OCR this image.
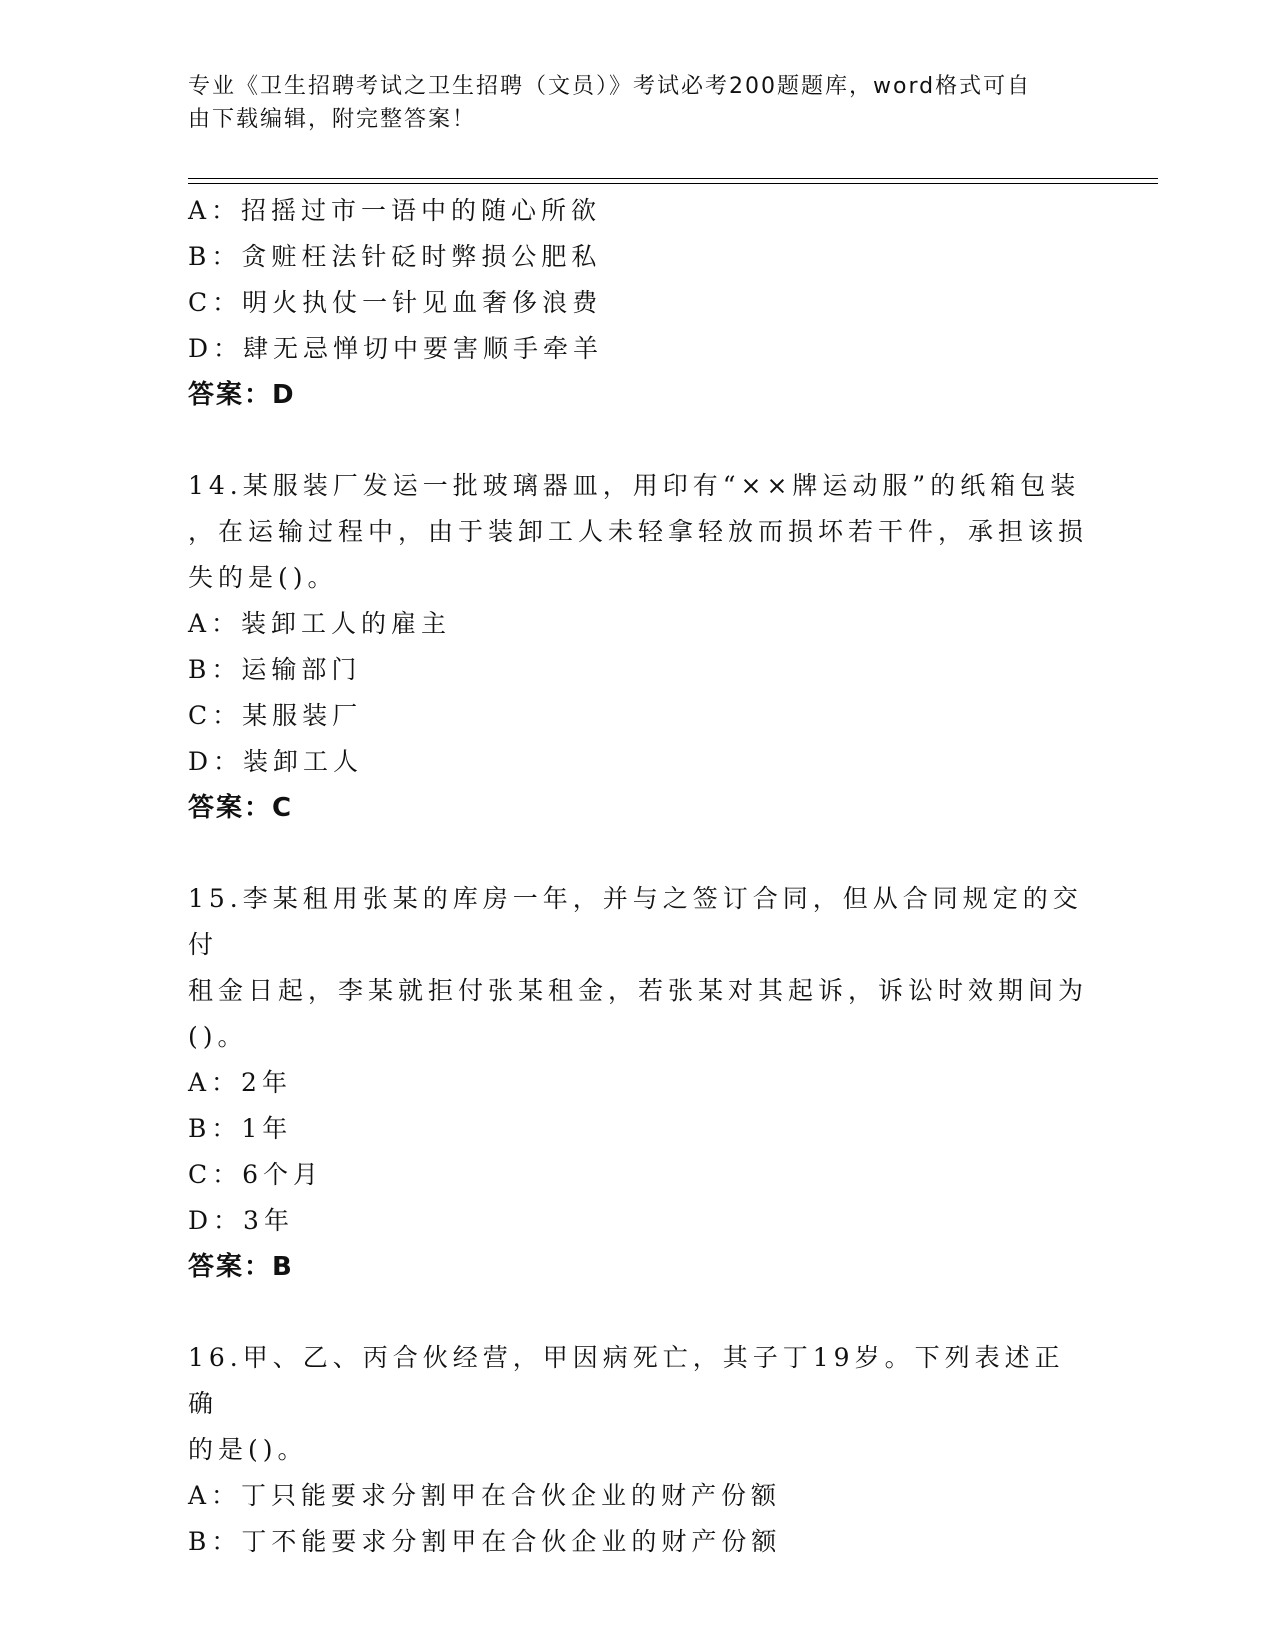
专业《卫生招聘考试之卫生招聘（文员）》考试必考200题题库，word格式可自
由下载编辑，附完整答案！
A：招摇过市一语中的随心所欲
B：贪赃枉法针砭时弊损公肥私
C：明火执仗一针见血奢侈浪费
D：肆无忌惮切中要害顺手牵羊
答案：D
14.某服装厂发运一批玻璃器皿，用印有“××牌运动服”的纸箱包装
，在运输过程中，由于装卸工人未轻拿轻放而损坏若干件，承担该损
失的是()。
A：装卸工人的雇主
B：运输部门
C：某服装厂
D：装卸工人
答案：C
15.李某租用张某的库房一年，并与之签订合同，但从合同规定的交付
租金日起，李某就拒付张某租金，若张某对其起诉，诉讼时效期间为
()。
A：2年
B：1年
C：6个月
D：3年
答案：B
16.甲、乙、丙合伙经营，甲因病死亡，其子丁19岁。下列表述正确
的是()。
A：丁只能要求分割甲在合伙企业的财产份额
B：丁不能要求分割甲在合伙企业的财产份额
